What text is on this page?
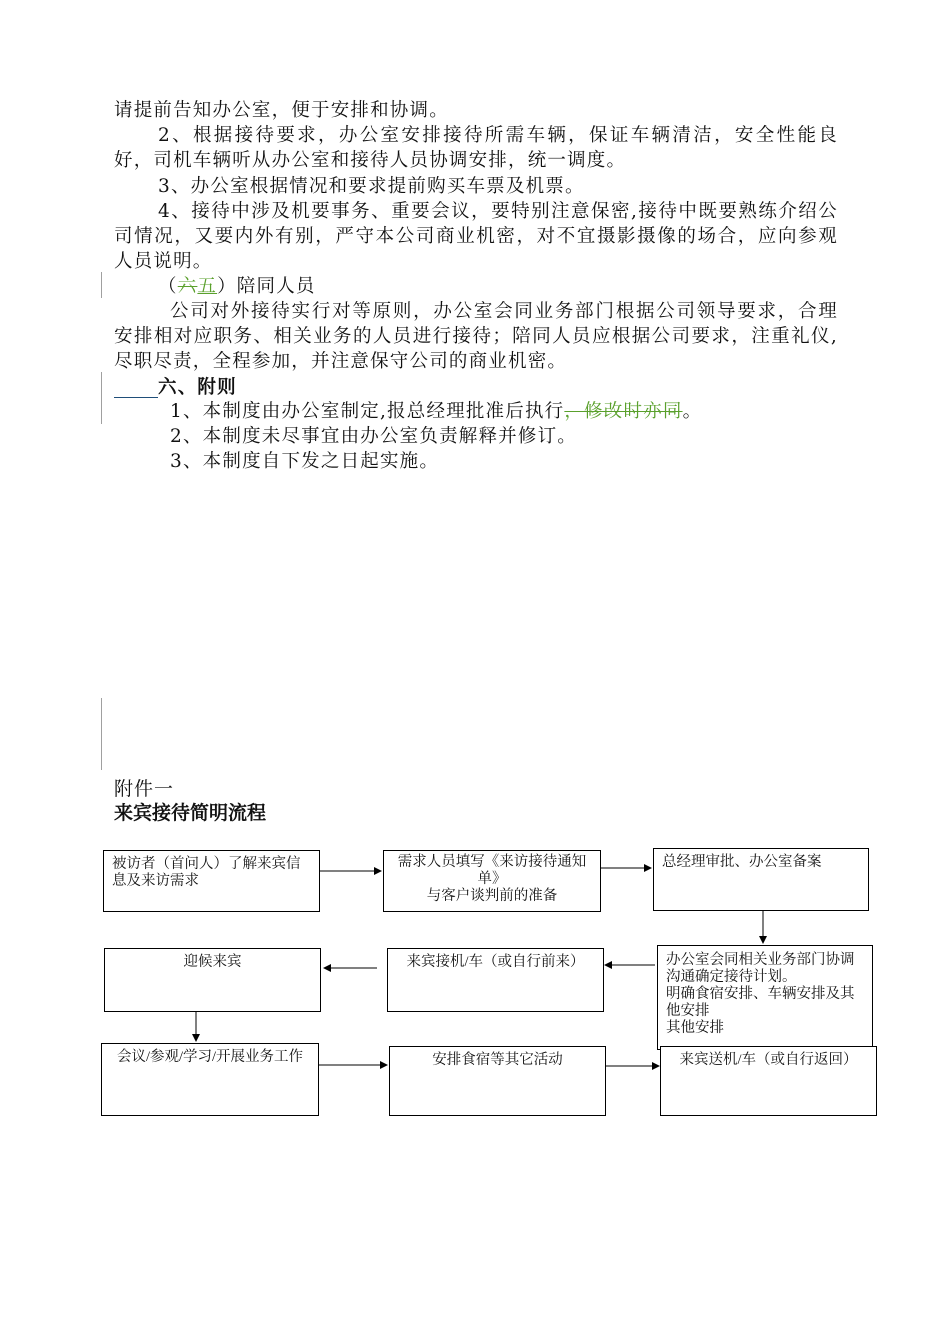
请提前告知办公室，便于安排和协调。

2、根据接待要求，办公室安排接待所需车辆，保证车辆清洁，安全性能良好，司机车辆听从办公室和接待人员协调安排，统一调度。

3、办公室根据情况和要求提前购买车票及机票。

4、接待中涉及机要事务、重要会议，要特别注意保密,接待中既要熟练介绍公司情况，又要内外有别，严守本公司商业机密，对不宜摄影摄像的场合，应向参观人员说明。

（六五）陪同人员

公司对外接待实行对等原则，办公室会同业务部门根据公司领导要求，合理安排相对应职务、相关业务的人员进行接待；陪同人员应根据公司要求，注重礼仪,尽职尽责，全程参加，并注意保守公司的商业机密。

六、附则

1、本制度由办公室制定,报总经理批准后执行，修改时亦同。

2、本制度未尽事宜由办公室负责解释并修订。

3、本制度自下发之日起实施。

附件一
来宾接待简明流程
被访者（首问人）了解来宾信息及来访需求
需求人员填写《来访接待通知单》
与客户谈判前的准备
总经理审批、办公室备案
办公室会同相关业务部门协调沟通确定接待计划。
明确食宿安排、车辆安排及其他安排
其他安排
来宾接机/车（或自行前来）
迎候来宾
会议/参观/学习/开展业务工作	安排食宿等其它活动	来宾送机/车（或自行返回）
